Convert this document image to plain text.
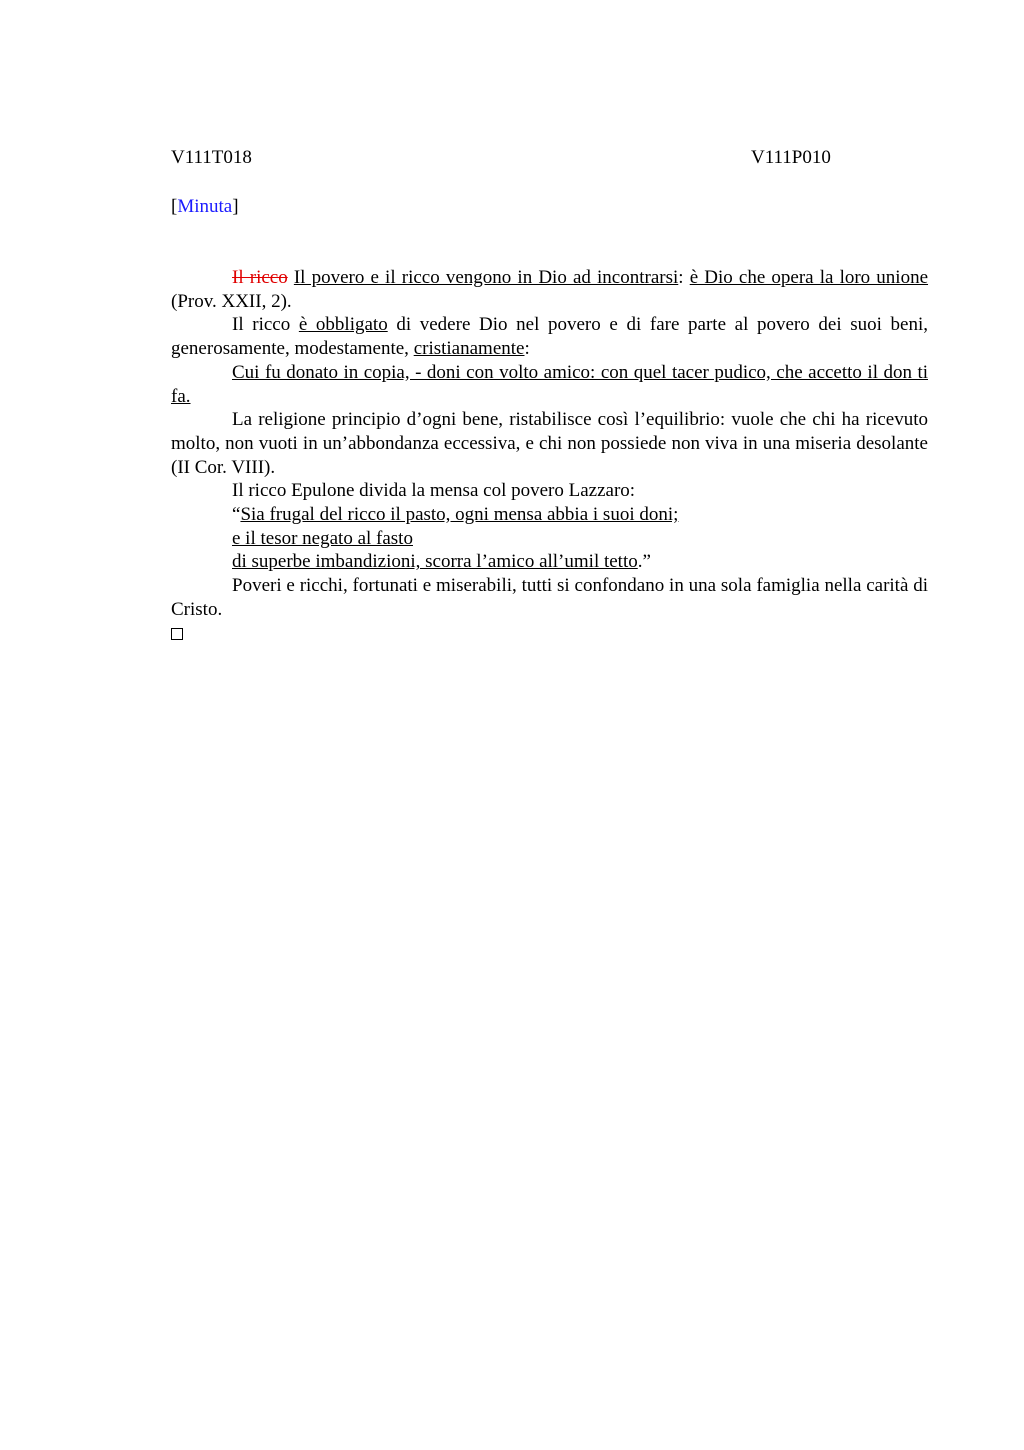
V111T018	V111P010
[Minuta]

Il ricco Il povero e il ricco vengono in Dio ad incontrarsi: è Dio che opera la loro unione (Prov. XXII, 2).

Il ricco è obbligato di vedere Dio nel povero e di fare parte al povero dei suoi beni, generosamente, modestamente, cristianamente:

Cui fu donato in copia, - doni con volto amico: con quel tacer pudico, che accetto il don ti fa.

La religione principio d’ogni bene, ristabilisce così l’equilibrio: vuole che chi ha ricevuto molto, non vuoti in un’abbondanza eccessiva, e chi non possiede non viva in una miseria desolante (II Cor. VIII).

Il ricco Epulone divida la mensa col povero Lazzaro:

“Sia frugal del ricco il pasto, ogni mensa abbia i suoi doni;

e il tesor negato al fasto

di superbe imbandizioni, scorra l’amico all’umil tetto.”

Poveri e ricchi, fortunati e miserabili, tutti si confondano in una sola famiglia nella carità di Cristo.
